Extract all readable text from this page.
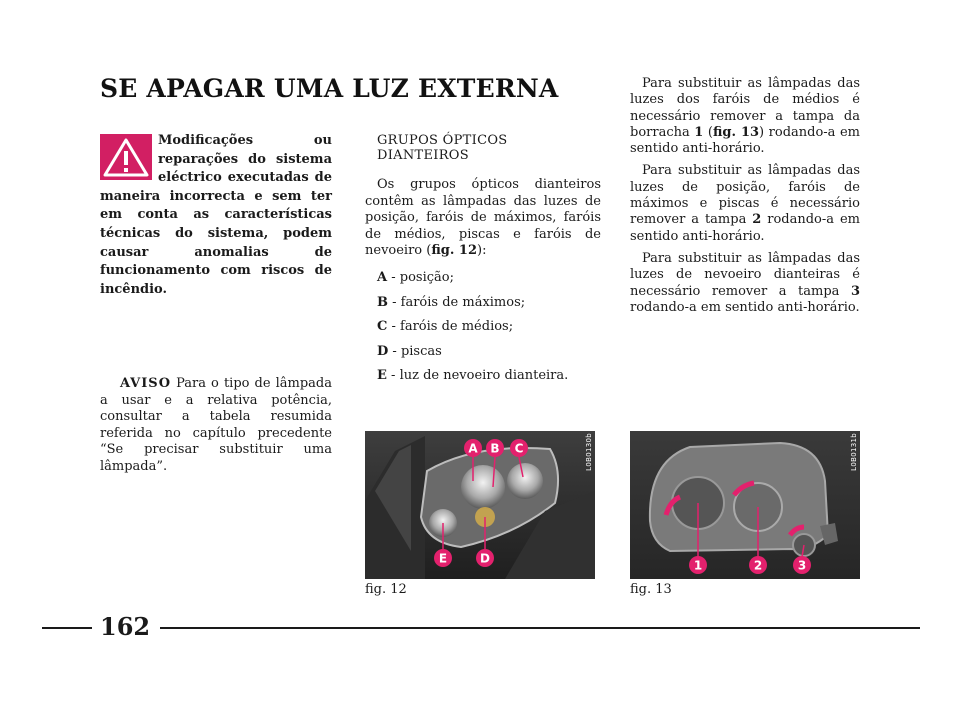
SE APAGAR UMA LUZ EXTERNA

Modificações ou reparações do sistema eléctrico executadas de maneira incorrecta e sem ter em conta as características técnicas do sistema, podem causar anomalias de funcionamento com riscos de incêndio.

AVISO Para o tipo de lâmpada a usar e a relativa potência, consultar a tabela resumida referida no capítulo precedente “Se precisar substituir uma lâmpada”.

GRUPOS ÓPTICOS DIANTEIROS

Os grupos ópticos dianteiros contêm as lâmpadas das luzes de posição, faróis de máximos, faróis de médios, piscas e faróis de nevoeiro (fig. 12):

A - posição;
B - faróis de máximos;
C - faróis de médios;
D - piscas
E - luz de nevoeiro dianteira.

Para substituir as lâmpadas das luzes dos faróis de médios é necessário remover a tampa da borracha 1 (fig. 13) rodando-a em sentido anti-horário.

Para substituir as lâmpadas das luzes de posição, faróis de máximos e piscas é necessário remover a tampa 2 rodando-a em sentido anti-horário.

Para substituir as lâmpadas das luzes de nevoeiro dianteiras é necessário remover a tampa 3 rodando-a em sentido anti-horário.

A B C
E	D
L0B0130b
fig. 12
1	2	3
L0B0131b
fig. 13
162
